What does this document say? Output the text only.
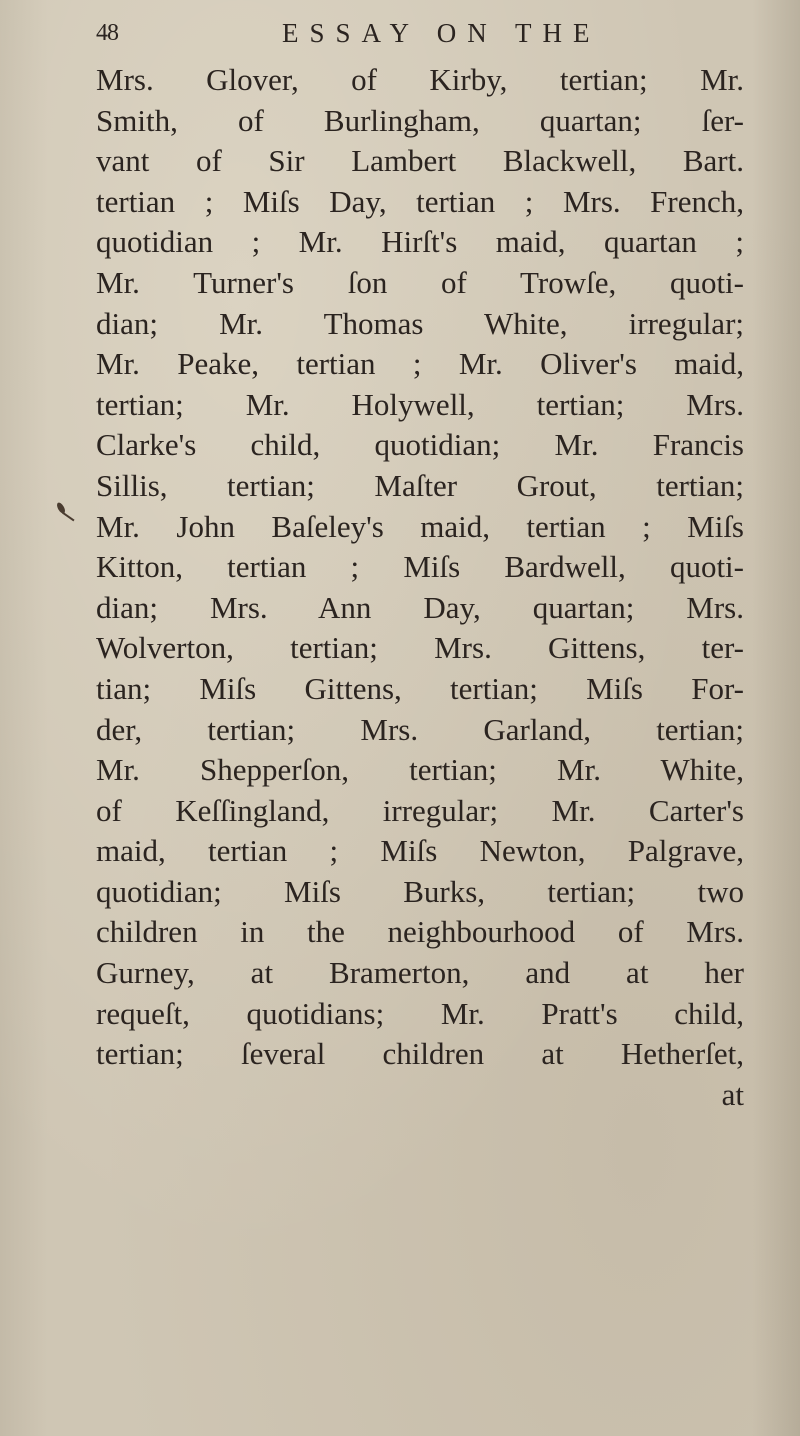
48	ESSAY ON THE
Mrs. Glover, of Kirby, tertian; Mr.
Smith, of Burlingham, quartan; ſer-
vant of Sir Lambert Blackwell, Bart.
tertian ; Miſs Day, tertian ; Mrs. French,
quotidian ; Mr. Hirſt's maid, quartan ;
Mr. Turner's ſon of Trowſe, quoti-
dian; Mr. Thomas White, irregular;
Mr. Peake, tertian ; Mr. Oliver's maid,
tertian; Mr. Holywell, tertian; Mrs.
Clarke's child, quotidian; Mr. Francis
Sillis, tertian; Maſter Grout, tertian;
Mr. John Baſeley's maid, tertian ; Miſs
Kitton, tertian ; Miſs Bardwell, quoti-
dian; Mrs. Ann Day, quartan; Mrs.
Wolverton, tertian; Mrs. Gittens, ter-
tian; Miſs Gittens, tertian; Miſs For-
der, tertian; Mrs. Garland, tertian;
Mr. Shepperſon, tertian; Mr. White,
of Keſſingland, irregular; Mr. Carter's
maid, tertian ; Miſs Newton, Palgrave,
quotidian; Miſs Burks, tertian; two
children in the neighbourhood of Mrs.
Gurney, at Bramerton, and at her
requeſt, quotidians; Mr. Pratt's child,
tertian; ſeveral children at Hetherſet,
at
